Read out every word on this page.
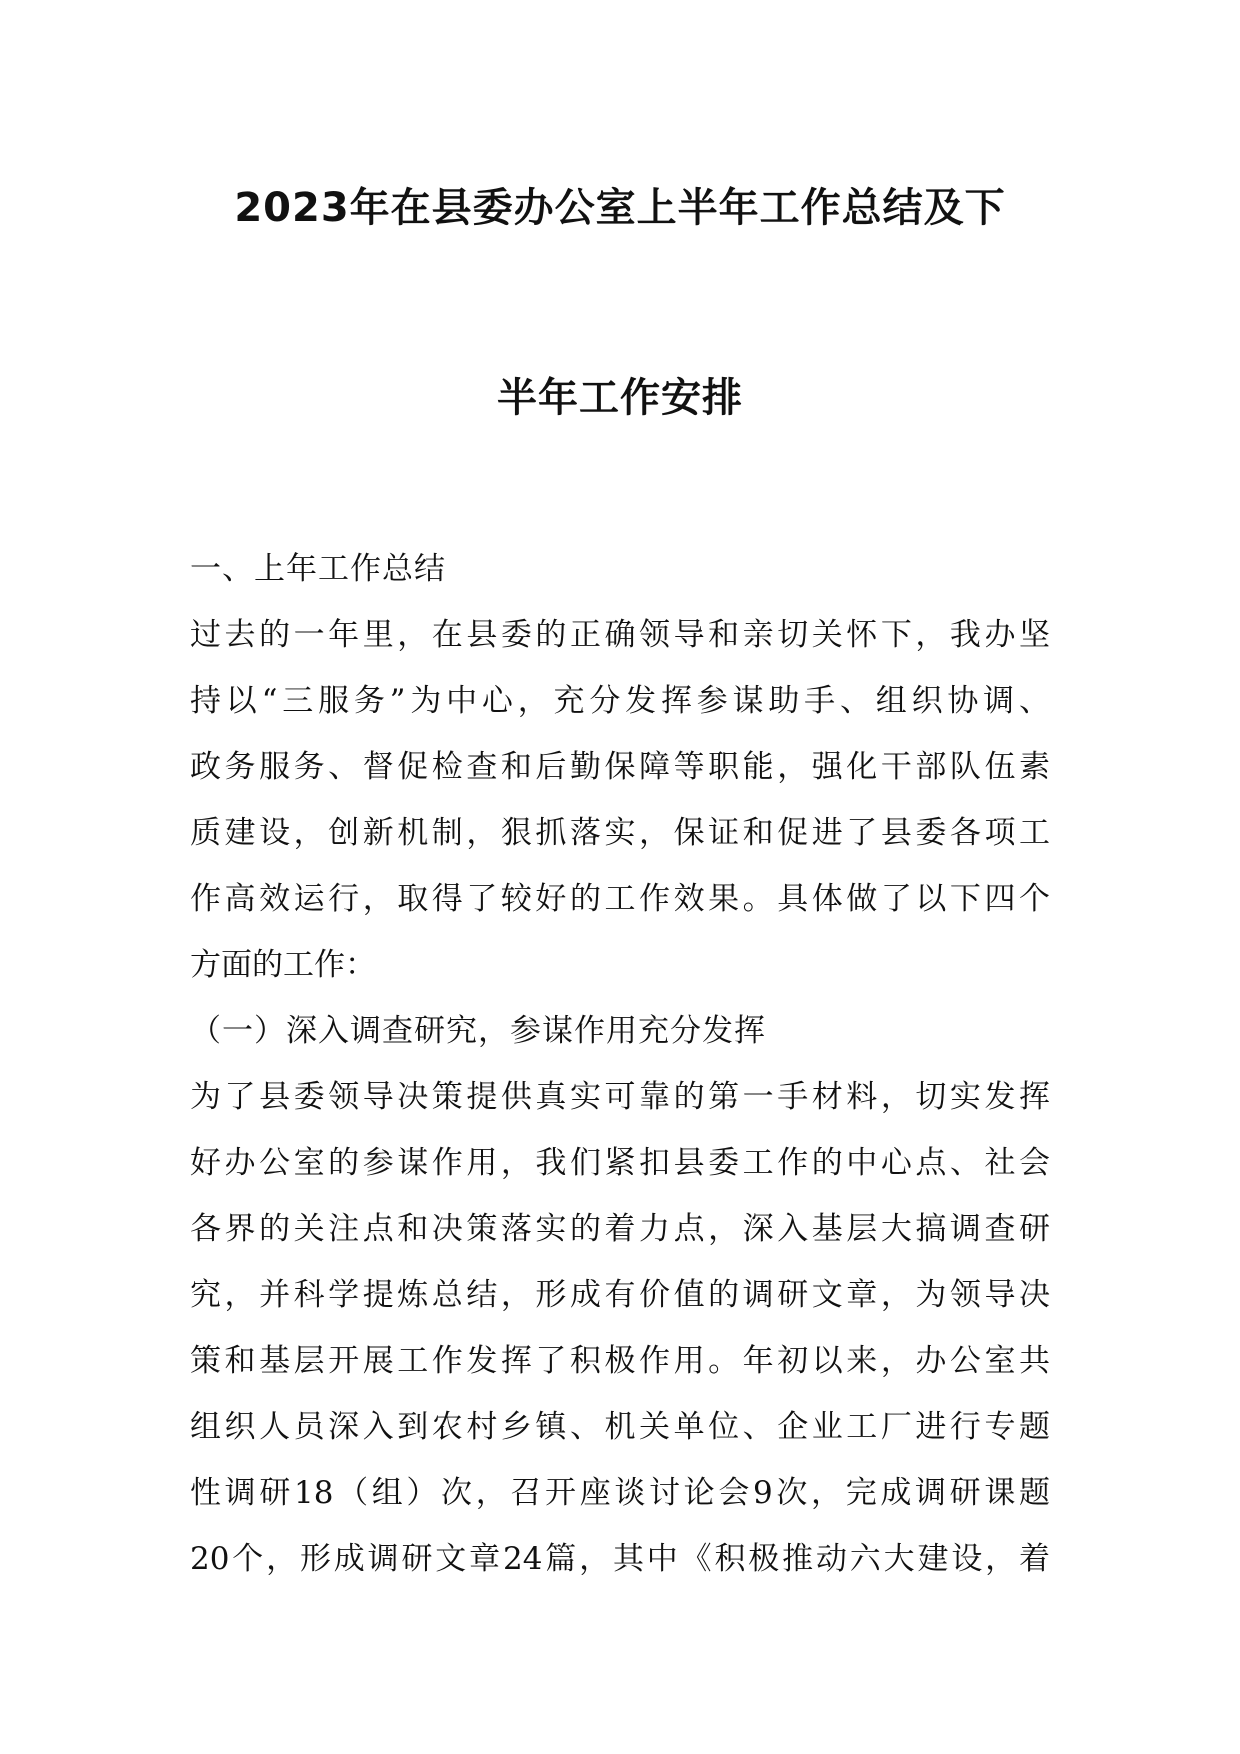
2023年在县委办公室上半年工作总结及下
半年工作安排
一、上年工作总结
过去的一年里，在县委的正确领导和亲切关怀下，我办坚
持以“三服务”为中心，充分发挥参谋助手、组织协调、
政务服务、督促检查和后勤保障等职能，强化干部队伍素
质建设，创新机制，狠抓落实，保证和促进了县委各项工
作高效运行，取得了较好的工作效果。具体做了以下四个
方面的工作：
（一）深入调查研究，参谋作用充分发挥
为了县委领导决策提供真实可靠的第一手材料，切实发挥
好办公室的参谋作用，我们紧扣县委工作的中心点、社会
各界的关注点和决策落实的着力点，深入基层大搞调查研
究，并科学提炼总结，形成有价值的调研文章，为领导决
策和基层开展工作发挥了积极作用。年初以来，办公室共
组织人员深入到农村乡镇、机关单位、企业工厂进行专题
性调研18（组）次，召开座谈讨论会9次，完成调研课题
20个，形成调研文章24篇，其中《积极推动六大建设，着
